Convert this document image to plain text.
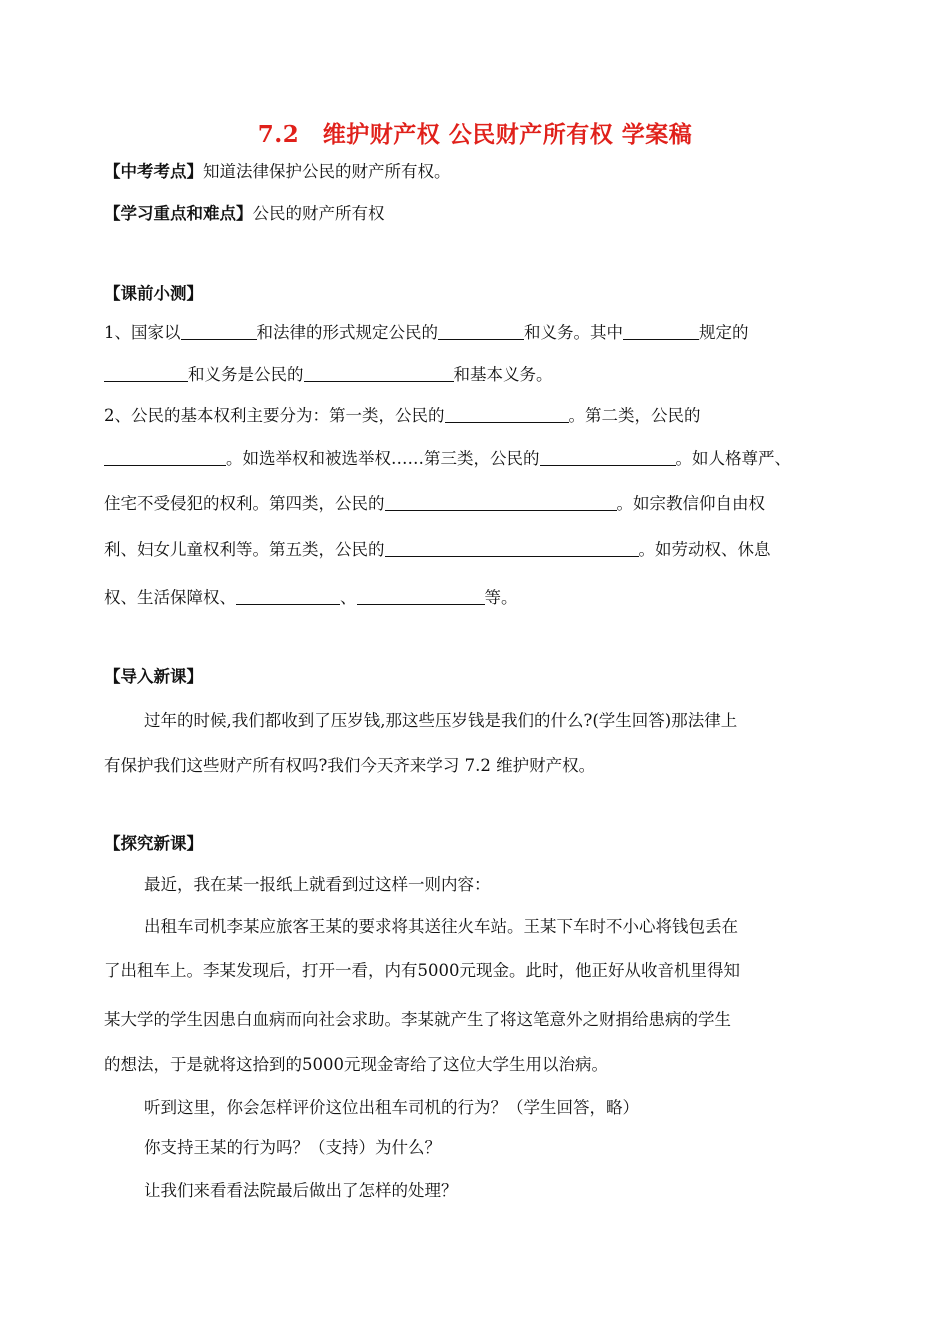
7.2　维护财产权 公民财产所有权 学案稿
【中考考点】知道法律保护公民的财产所有权。
【学习重点和难点】公民的财产所有权
【课前小测】
1、国家以	和法律的形式规定公民的	和义务。其中	规定的
和义务是公民的	和基本义务。
2、公民的基本权利主要分为：第一类，公民的	。第二类，公民的
。如选举权和被选举权……第三类，公民的	。如人格尊严、
住宅不受侵犯的权利。第四类，公民的	。如宗教信仰自由权
利、妇女儿童权利等。第五类，公民的	。如劳动权、休息
权、生活保障权、	、	等。
【导入新课】
过年的时候,我们都收到了压岁钱,那这些压岁钱是我们的什么?(学生回答)那法律上
有保护我们这些财产所有权吗?我们今天齐来学习 7.2 维护财产权。
【探究新课】
最近，我在某一报纸上就看到过这样一则内容：
出租车司机李某应旅客王某的要求将其送往火车站。王某下车时不小心将钱包丢在
了出租车上。李某发现后，打开一看，内有5000元现金。此时，他正好从收音机里得知
某大学的学生因患白血病而向社会求助。李某就产生了将这笔意外之财捐给患病的学生
的想法，于是就将这拾到的5000元现金寄给了这位大学生用以治病。
听到这里，你会怎样评价这位出租车司机的行为？（学生回答，略）
你支持王某的行为吗？（支持）为什么？
让我们来看看法院最后做出了怎样的处理？
